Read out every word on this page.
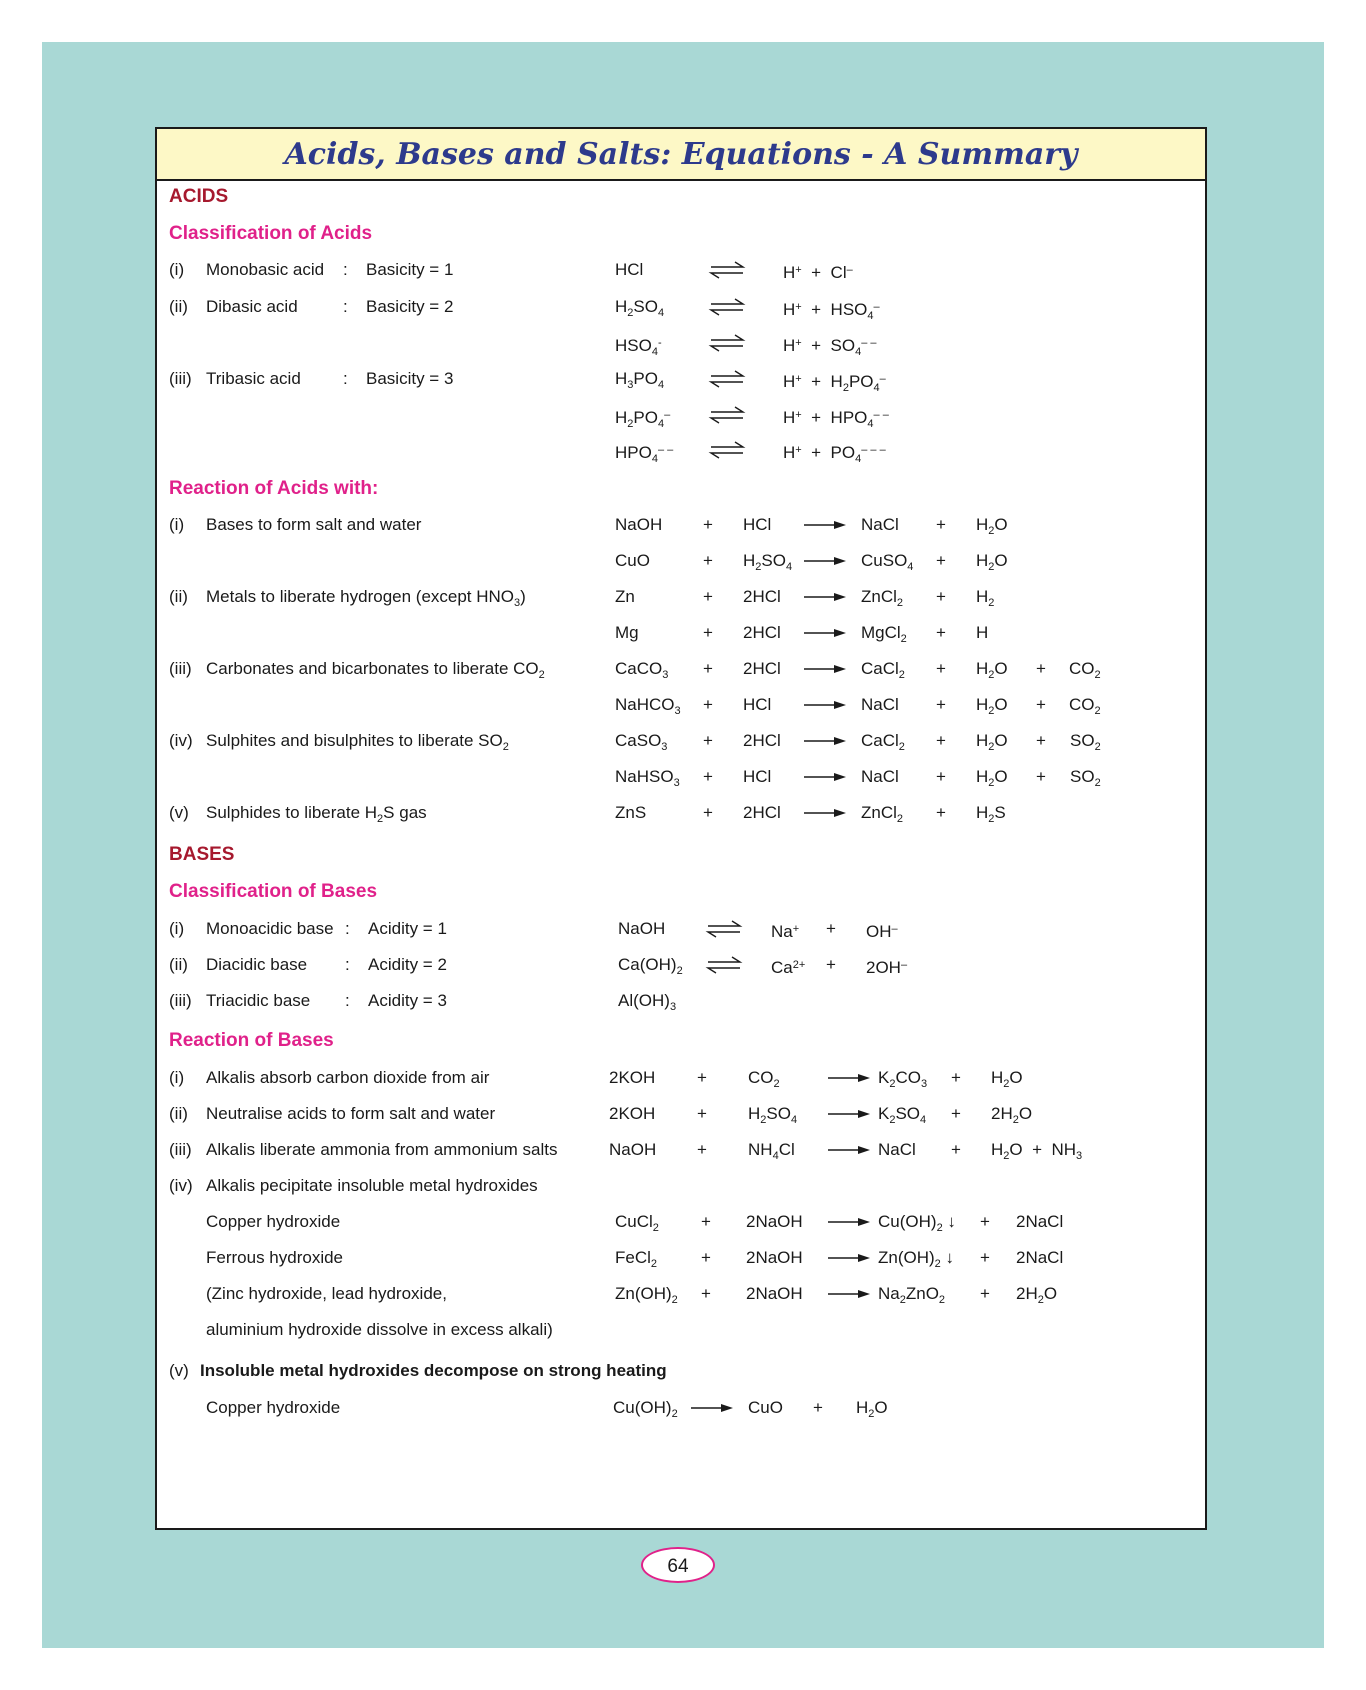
Acids, Bases and Salts: Equations - A Summary
ACIDS
Classification of Acids
(i) Monobasic acid : Basicity = 1	HCl	H+  +  Cl–
(ii) Dibasic acid	: Basicity = 2	$H_2SO_4$	$H^+ + HSO_4^-$
$HSO_4^-$	$H^+ + SO_4^{- -}$
(iii) Tribasic acid : Basicity = 3	$H_3PO_4$	$H^+ + H_2PO_4^-$
$H_2PO_4^-$	$H^+ + HPO_4^{- -}$
$HPO_4^{- -}$	$H^+ + PO_4^{- - -}$
Reaction of Acids with:
(i) Bases to form salt and water	NaOH + HCl → NaCl + $H_2O$
CuO	+ $H_2SO_4$ → CuSO$_4$ + $H_2O$
(ii) Metals to liberate hydrogen (except $HNO_3$)	Zn	+ 2HCl → ZnCl$_2$ + $H_2$
Mg	+ 2HCl → MgCl$_2$ + H
(iii) Carbonates and bicarbonates to liberate $CO_2$	CaCO$_3$ + 2HCl → CaCl$_2$ + $H_2O + CO_2$
NaHCO$_3$ + HCl → NaCl + $H_2O + CO_2$
(iv) Sulphites and bisulphites to liberate $SO_2$	CaSO$_3$ + 2HCl → CaCl$_2$ + $H_2O + SO_2$
NaHSO$_3$ + HCl → NaCl + $H_2O + SO_2$
(v) Sulphides to liberate $H_2S$ gas	ZnS	+ 2HCl → ZnCl$_2$ + $H_2S$
BASES
Classification of Bases
(i) Monoacidic base : Acidity = 1	NaOH	Na+ + OH–
(ii) Diacidic base : Acidity = 2	$Ca(OH)_2$ ⇌ $Ca^{2+} + 2OH^-$
(iii) Triacidic base : Acidity = 3	$Al(OH)_3$
Reaction of Bases
(i) Alkalis absorb carbon dioxide from air	$2KOH + CO_2$	→ $K_2CO_3 + H_2O$
(ii) Neutralise acids to form salt and water	$2KOH + H_2SO_4 \to K_2SO_4 + 2H_2O$
(iii) Alkalis liberate ammonia from ammonium salts	NaOH + $NH_4Cl$ → NaCl + $H_2O + NH_3$
(iv) Alkalis pecipitate insoluble metal hydroxides
Copper hydroxide	CuCl$_2$ + 2NaOH → $Cu(OH)_2$ ↓ + 2NaCl
Ferrous hydroxide	FeCl$_2$	+ 2NaOH → $Zn(OH)_2$ ↓ + 2NaCl
(Zinc hydroxide, lead hydroxide,	$Zn(OH)_2$ + 2NaOH → $Na_2ZnO_2 + 2H_2O$
aluminium hydroxide dissolve in excess alkali)
(v) Insoluble metal hydroxides decompose on strong heating
Copper hydroxide	$Cu(OH)_2$ → CuO + $H_2O$
64
